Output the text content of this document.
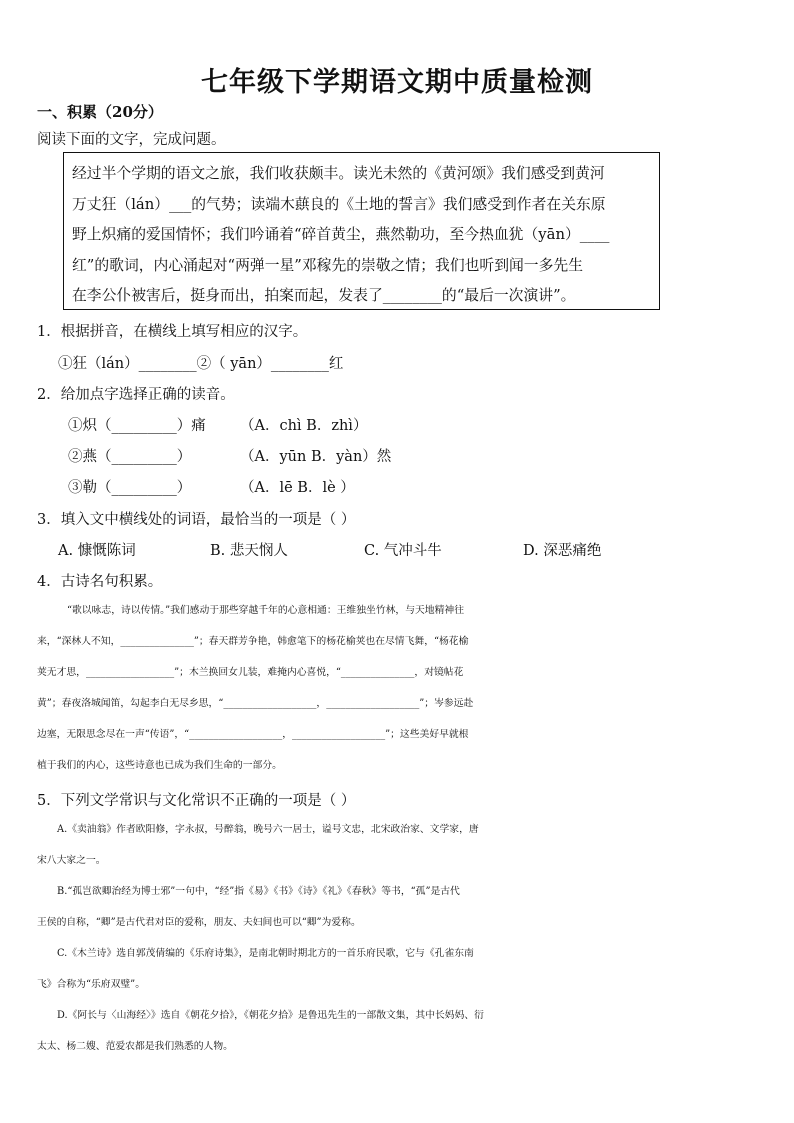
七年级下学期语文期中质量检测
一、积累（20分）
阅读下面的文字，完成问题。

经过半个学期的语文之旅，我们收获颇丰。读光未然的《黄河颂》我们感受到黄河

万丈狂（lán）___的气势；读端木蕻良的《土地的誓言》我们感受到作者在关东原

野上炽痛的爱国情怀；我们吟诵着“碎首黄尘，燕然勒功，至今热血犹（yān）____

红”的歌词，内心涌起对“两弹一星”邓稼先的崇敬之情；我们也听到闻一多先生

在李公仆被害后，挺身而出，拍案而起，发表了________的“最后一次演讲”。

1．根据拼音，在横线上填写相应的汉字。
①狂（lán）________②（ yān）________红
2．给加点字选择正确的读音。
①炽（_________）痛 （A．chì B．zhì）
②燕（_________）	（A．yūn B．yàn）然
③勒（_________）	（A．lē B．lè ）
3．填入文中横线处的词语，最恰当的一项是（ ）
A. 慷慨陈词	B. 悲天悯人	C. 气冲斗牛	D. 深恶痛绝
4．古诗名句积累。

“歌以咏志，诗以传情。”我们感动于那些穿越千年的心意相通：王维独坐竹林，与天地精神往

来，“深林人不知，_______________”；春天群芳争艳，韩愈笔下的杨花榆荚也在尽情飞舞，“杨花榆

荚无才思，__________________”；木兰换回女儿装，难掩内心喜悦，“_______________，对镜帖花

黄”；春夜洛城闻笛，勾起李白无尽乡思，“___________________，___________________”；岑参远赴

边塞，无限思念尽在一声“传语”，“___________________，___________________”；这些美好早就根

植于我们的内心，这些诗意也已成为我们生命的一部分。

5．下列文学常识与文化常识不正确的一项是（ ）

A.《卖油翁》作者欧阳修，字永叔，号醉翁，晚号六一居士，谥号文忠，北宋政治家、文学家，唐

宋八大家之一。

B.“孤岂欲卿治经为博士邪”一句中，“经”指《易》《书》《诗》《礼》《春秋》等书，“孤”是古代

王侯的自称，“卿”是古代君对臣的爱称，朋友、夫妇间也可以“卿”为爱称。

C.《木兰诗》选自郭茂倩编的《乐府诗集》，是南北朝时期北方的一首乐府民歌，它与《孔雀东南

飞》合称为“乐府双璧”。

D.《阿长与〈山海经〉》选自《朝花夕拾》，《朝花夕拾》是鲁迅先生的一部散文集，其中长妈妈、衍

太太、杨二嫂、范爱农都是我们熟悉的人物。
